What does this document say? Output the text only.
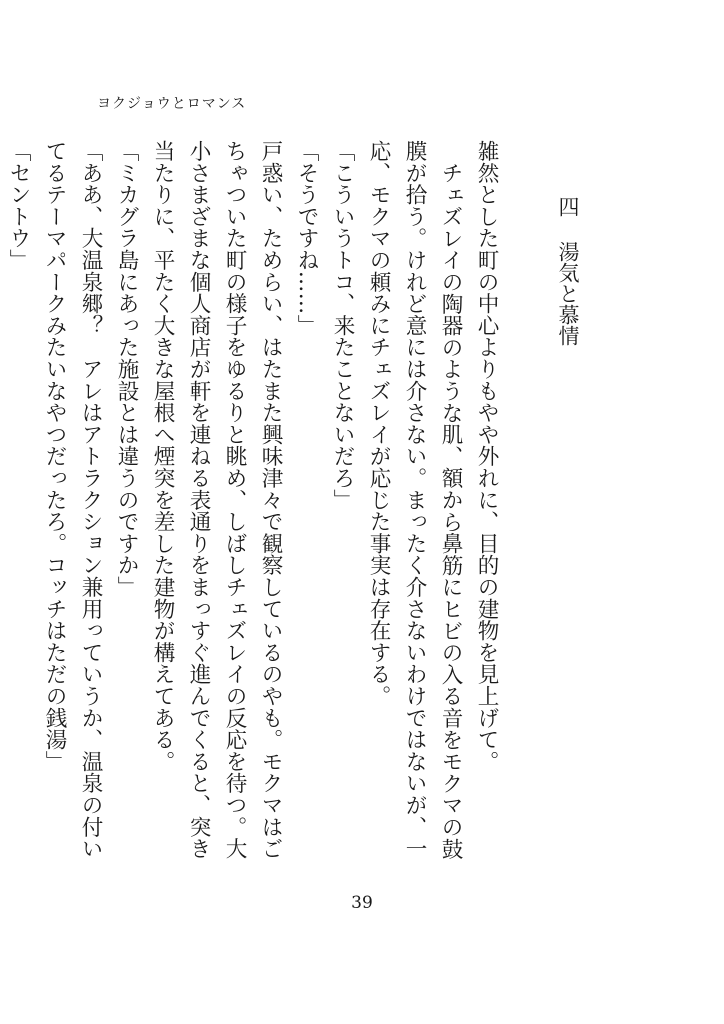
ヨクジョウとロマンス
四湯気と慕情

雑然とした町の中心よりもやや外れに、目的の建物を見上げて。

チェズレイの陶器のような肌、額から鼻筋にヒビの入る音をモクマの鼓膜が拾う。けれど意には介さない。まったく介さないわけではないが、一応、モクマの頼みにチェズレイが応じた事実は存在する。

「こういうトコ、来たことないだろ」

「そうですね……」

戸惑い、ためらい、はたまた興味津々で観察しているのやも。モクマはごちゃついた町の様子をゆるりと眺め、しばしチェズレイの反応を待つ。大小さまざまな個人商店が軒を連ねる表通りをまっすぐ進んでくると、突き当たりに、平たく大きな屋根へ煙突を差した建物が構えてある。

「ミカグラ島にあった施設とは違うのですか」

「ああ、大温泉郷？　アレはアトラクション兼用っていうか、温泉の付いてるテーマパークみたいなやつだったろ。コッチはただの銭湯」

「セントウ」

39
